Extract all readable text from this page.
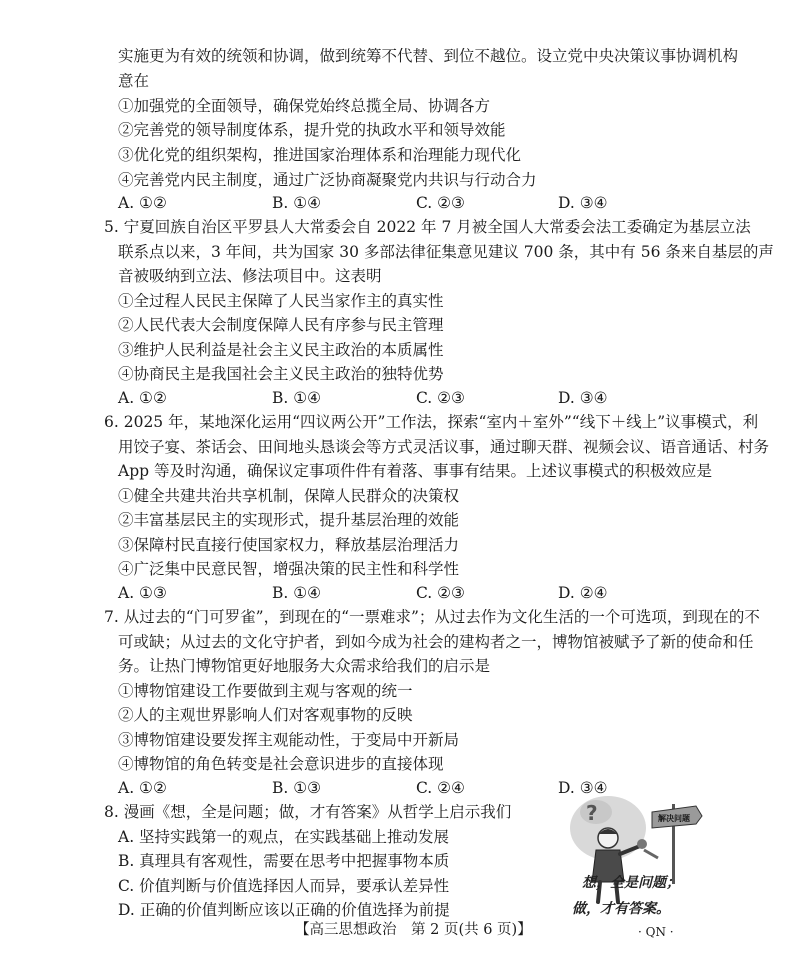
实施更为有效的统领和协调，做到统筹不代替、到位不越位。设立党中央决策议事协调机构
意在
①加强党的全面领导，确保党始终总揽全局、协调各方
②完善党的领导制度体系，提升党的执政水平和领导效能
③优化党的组织架构，推进国家治理体系和治理能力现代化
④完善党内民主制度，通过广泛协商凝聚党内共识与行动合力
A. ①②	B. ①④	C. ②③	D. ③④
5. 宁夏回族自治区平罗县人大常委会自 2022 年 7 月被全国人大常委会法工委确定为基层立法
联系点以来，3 年间，共为国家 30 多部法律征集意见建议 700 条，其中有 56 条来自基层的声
音被吸纳到立法、修法项目中。这表明
①全过程人民民主保障了人民当家作主的真实性
②人民代表大会制度保障人民有序参与民主管理
③维护人民利益是社会主义民主政治的本质属性
④协商民主是我国社会主义民主政治的独特优势
A. ①②	B. ①④	C. ②③	D. ③④
6. 2025 年，某地深化运用“四议两公开”工作法，探索“室内＋室外”“线下＋线上”议事模式，利
用饺子宴、茶话会、田间地头恳谈会等方式灵活议事，通过聊天群、视频会议、语音通话、村务
App 等及时沟通，确保议定事项件件有着落、事事有结果。上述议事模式的积极效应是
①健全共建共治共享机制，保障人民群众的决策权
②丰富基层民主的实现形式，提升基层治理的效能
③保障村民直接行使国家权力，释放基层治理活力
④广泛集中民意民智，增强决策的民主性和科学性
A. ①③	B. ①④	C. ②③	D. ②④
7. 从过去的“门可罗雀”，到现在的“一票难求”；从过去作为文化生活的一个可选项，到现在的不
可或缺；从过去的文化守护者，到如今成为社会的建构者之一，博物馆被赋予了新的使命和任
务。让热门博物馆更好地服务大众需求给我们的启示是
①博物馆建设工作要做到主观与客观的统一
②人的主观世界影响人们对客观事物的反映
③博物馆建设要发挥主观能动性，于变局中开新局
④博物馆的角色转变是社会意识进步的直接体现
A. ①②	B. ①③	C. ②④	D. ③④
8. 漫画《想，全是问题；做，才有答案》从哲学上启示我们
A. 坚持实践第一的观点，在实践基础上推动发展
B. 真理具有客观性，需要在思考中把握事物本质
C. 价值判断与价值选择因人而异，要承认差异性
D. 正确的价值判断应该以正确的价值选择为前提
?	解决问题
想，全是问题；
做，才有答案。
【高三思想政治　第 2 页(共 6 页)】	· QN ·
